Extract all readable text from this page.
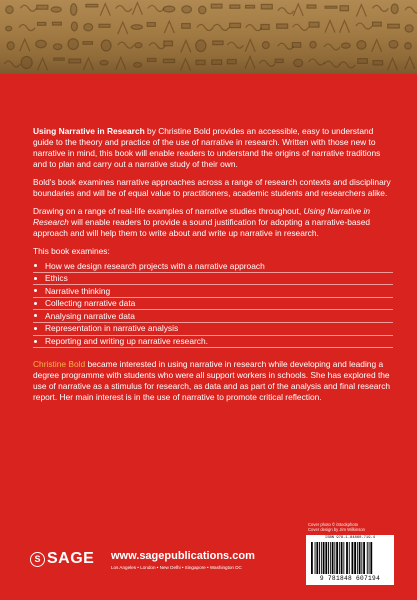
Using Narrative in Research by Christine Bold provides an accessible, easy to understand guide to the theory and practice of the use of narrative in research. Written with those new to narrative in mind, this book will enable readers to understand the origins of narrative traditions and to plan and carry out a narrative study of their own.

Bold's book examines narrative approaches across a range of research contexts and disciplinary boundaries and will be of equal value to practitioners, academic students and researchers alike.

Drawing on a range of real-life examples of narrative studies throughout, Using Narrative in Research will enable readers to provide a sound justification for adopting a narrative-based approach and will help them to write about and write up narrative in research.

This book examines:

How we design research projects with a narrative approach
Ethics
Narrative thinking
Collecting narrative data
Analysing narrative data
Representation in narrative analysis
Reporting and writing up narrative research.

Christine Bold became interested in using narrative in research while developing and leading a degree programme with students who were all support workers in schools. She has explored the use of narrative as a stimulus for research, as data and as part of the analysis and final research report. Her main interest is in the use of narrative to promote critical reflection.

Cover photo © iStockphoto
Cover design by Jim Wilkinson
ISBN 978-1-84860-719-4
9 781848 607194
S SAGE www.sagepublications.com
Los Angeles • London • New Delhi • Singapore • Washington DC
